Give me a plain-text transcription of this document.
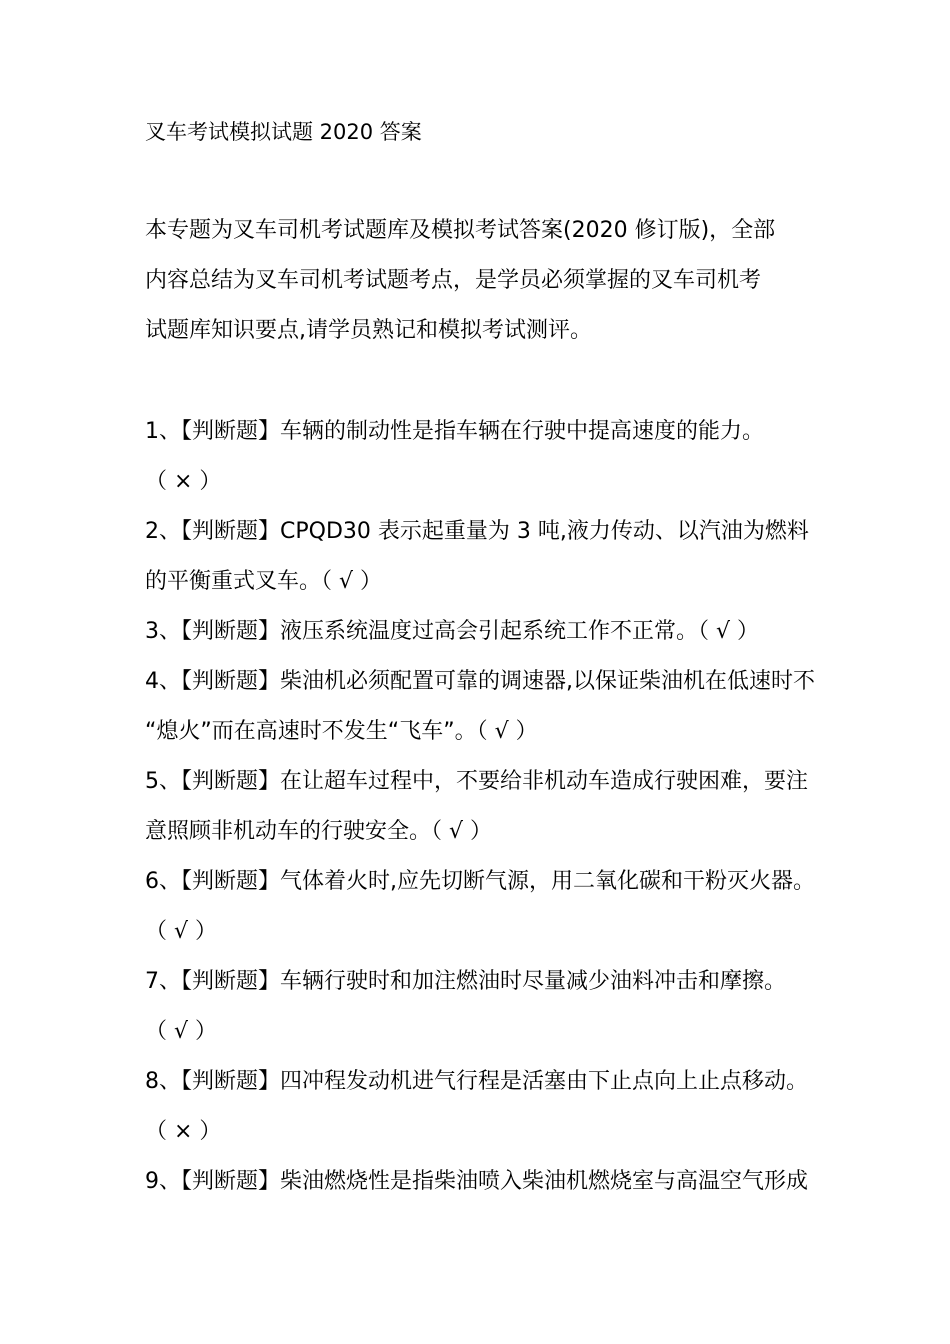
叉车考试模拟试题 2020 答案
本专题为叉车司机考试题库及模拟考试答案(2020 修订版)，全部
内容总结为叉车司机考试题考点，是学员必须掌握的叉车司机考
试题库知识要点,请学员熟记和模拟考试测评。
1、【判断题】车辆的制动性是指车辆在行驶中提高速度的能力。
（ × ）
2、【判断题】CPQD30 表示起重量为 3 吨,液力传动、以汽油为燃料
的平衡重式叉车。（ √ ）
3、【判断题】液压系统温度过高会引起系统工作不正常。（ √ ）
4、【判断题】柴油机必须配置可靠的调速器,以保证柴油机在低速时不
“熄火”而在高速时不发生“飞车”。（ √ ）
5、【判断题】在让超车过程中，不要给非机动车造成行驶困难，要注
意照顾非机动车的行驶安全。（ √ ）
6、【判断题】气体着火时,应先切断气源，用二氧化碳和干粉灭火器。
（ √ ）
7、【判断题】车辆行驶时和加注燃油时尽量减少油料冲击和摩擦。
（ √ ）
8、【判断题】四冲程发动机进气行程是活塞由下止点向上止点移动。
（ × ）
9、【判断题】柴油燃烧性是指柴油喷入柴油机燃烧室与高温空气形成
